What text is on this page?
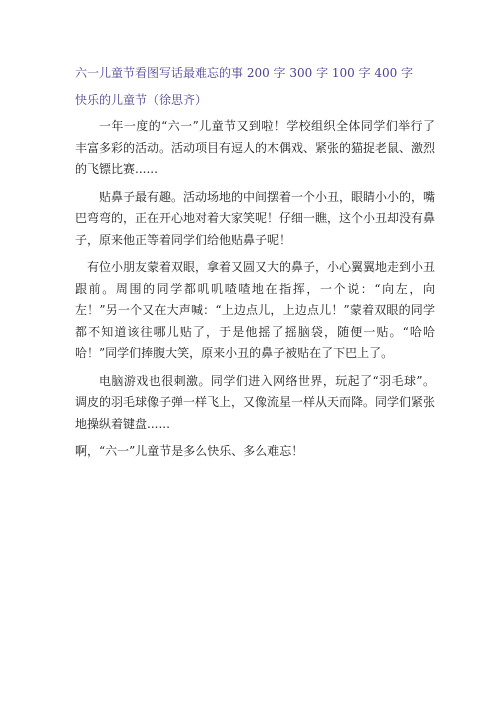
六一儿童节看图写话最难忘的事 200 字 300 字 100 字 400 字

快乐的儿童节（徐思齐）

一年一度的“六一”儿童节又到啦！学校组织全体同学们举行了丰富多彩的活动。活动项目有逗人的木偶戏、紧张的猫捉老鼠、激烈的飞镖比赛......

贴鼻子最有趣。活动场地的中间摆着一个小丑，眼睛小小的，嘴巴弯弯的，正在开心地对着大家笑呢！仔细一瞧，这个小丑却没有鼻子，原来他正等着同学们给他贴鼻子呢！

有位小朋友蒙着双眼，拿着又圆又大的鼻子，小心翼翼地走到小丑跟前。周围的同学都叽叽喳喳地在指挥，一个说：“向左，向左！”另一个又在大声喊：“上边点儿，上边点儿！”蒙着双眼的同学都不知道该往哪儿贴了，于是他摇了摇脑袋，随便一贴。“哈哈哈！”同学们捧腹大笑，原来小丑的鼻子被贴在了下巴上了。

电脑游戏也很刺激。同学们进入网络世界，玩起了“羽毛球”。调皮的羽毛球像子弹一样飞上，又像流星一样从天而降。同学们紧张地操纵着键盘......

啊，“六一”儿童节是多么快乐、多么难忘！
